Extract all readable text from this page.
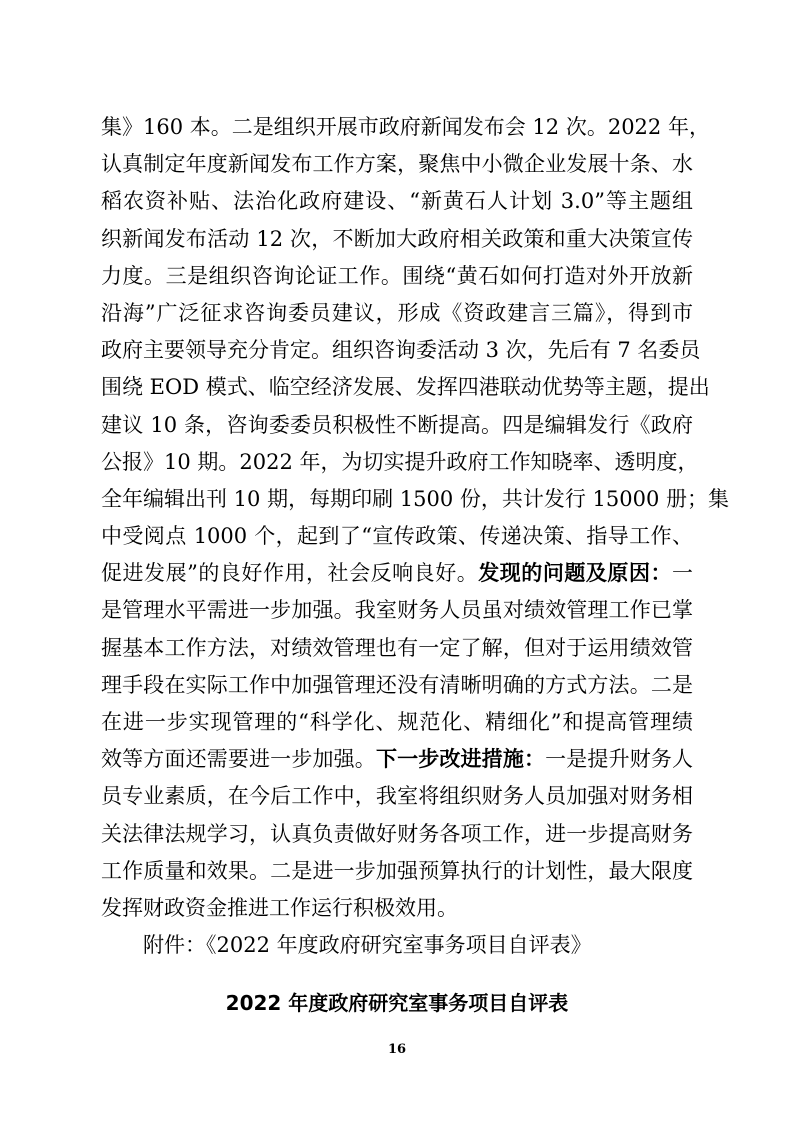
集》160 本。二是组织开展市政府新闻发布会 12 次。2022 年，
认真制定年度新闻发布工作方案，聚焦中小微企业发展十条、水
稻农资补贴、法治化政府建设、“新黄石人计划 3.0”等主题组
织新闻发布活动 12 次，不断加大政府相关政策和重大决策宣传
力度。三是组织咨询论证工作。围绕“黄石如何打造对外开放新
沿海”广泛征求咨询委员建议，形成《资政建言三篇》，得到市
政府主要领导充分肯定。组织咨询委活动 3 次，先后有 7 名委员
围绕 EOD 模式、临空经济发展、发挥四港联动优势等主题，提出
建议 10 条，咨询委委员积极性不断提高。四是编辑发行《政府
公报》10 期。2022 年，为切实提升政府工作知晓率、透明度，
全年编辑出刊 10 期，每期印刷 1500 份，共计发行 15000 册；集
中受阅点 1000 个，起到了“宣传政策、传递决策、指导工作、
促进发展”的良好作用，社会反响良好。发现的问题及原因：一
是管理水平需进一步加强。我室财务人员虽对绩效管理工作已掌
握基本工作方法，对绩效管理也有一定了解，但对于运用绩效管
理手段在实际工作中加强管理还没有清晰明确的方式方法。二是
在进一步实现管理的“科学化、规范化、精细化”和提高管理绩
效等方面还需要进一步加强。下一步改进措施：一是提升财务人
员专业素质，在今后工作中，我室将组织财务人员加强对财务相
关法律法规学习，认真负责做好财务各项工作，进一步提高财务
工作质量和效果。二是进一步加强预算执行的计划性，最大限度
发挥财政资金推进工作运行积极效用。
附件：《2022 年度政府研究室事务项目自评表》
2022 年度政府研究室事务项目自评表
16
